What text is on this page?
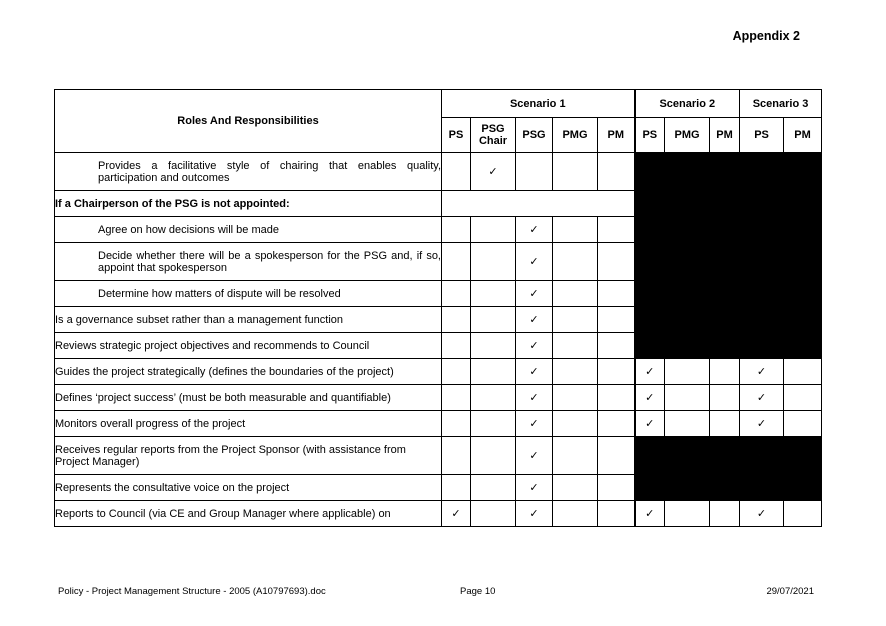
Appendix 2
Roles And Responsibilities	Scenario 1					Scenario 2			Scenario 3	
	PS	PSG Chair	PSG	PMG	PM	PS	PMG	PM	PS	PM
Provides a facilitative style of chairing that enables quality, participation and outcomes		✓								
If a Chairperson of the PSG is not appointed:										
Agree on how decisions will be made			✓							
Decide whether there will be a spokesperson for the PSG and, if so, appoint that spokesperson			✓							
Determine how matters of dispute will be resolved			✓							
Is a governance subset rather than a management function			✓							
Reviews strategic project objectives and recommends to Council			✓							
Guides the project strategically (defines the boundaries of the project)			✓			✓			✓	
Defines ‘project success’ (must be both measurable and quantifiable)			✓			✓			✓	
Monitors overall progress of the project			✓			✓			✓	
Receives regular reports from the Project Sponsor (with assistance from Project Manager)			✓							
Represents the consultative voice on the project			✓							
Reports to Council (via CE and Group Manager where applicable) on	✓		✓			✓			✓	
Policy - Project Management Structure - 2005 (A10797693).doc	Page 10	29/07/2021
